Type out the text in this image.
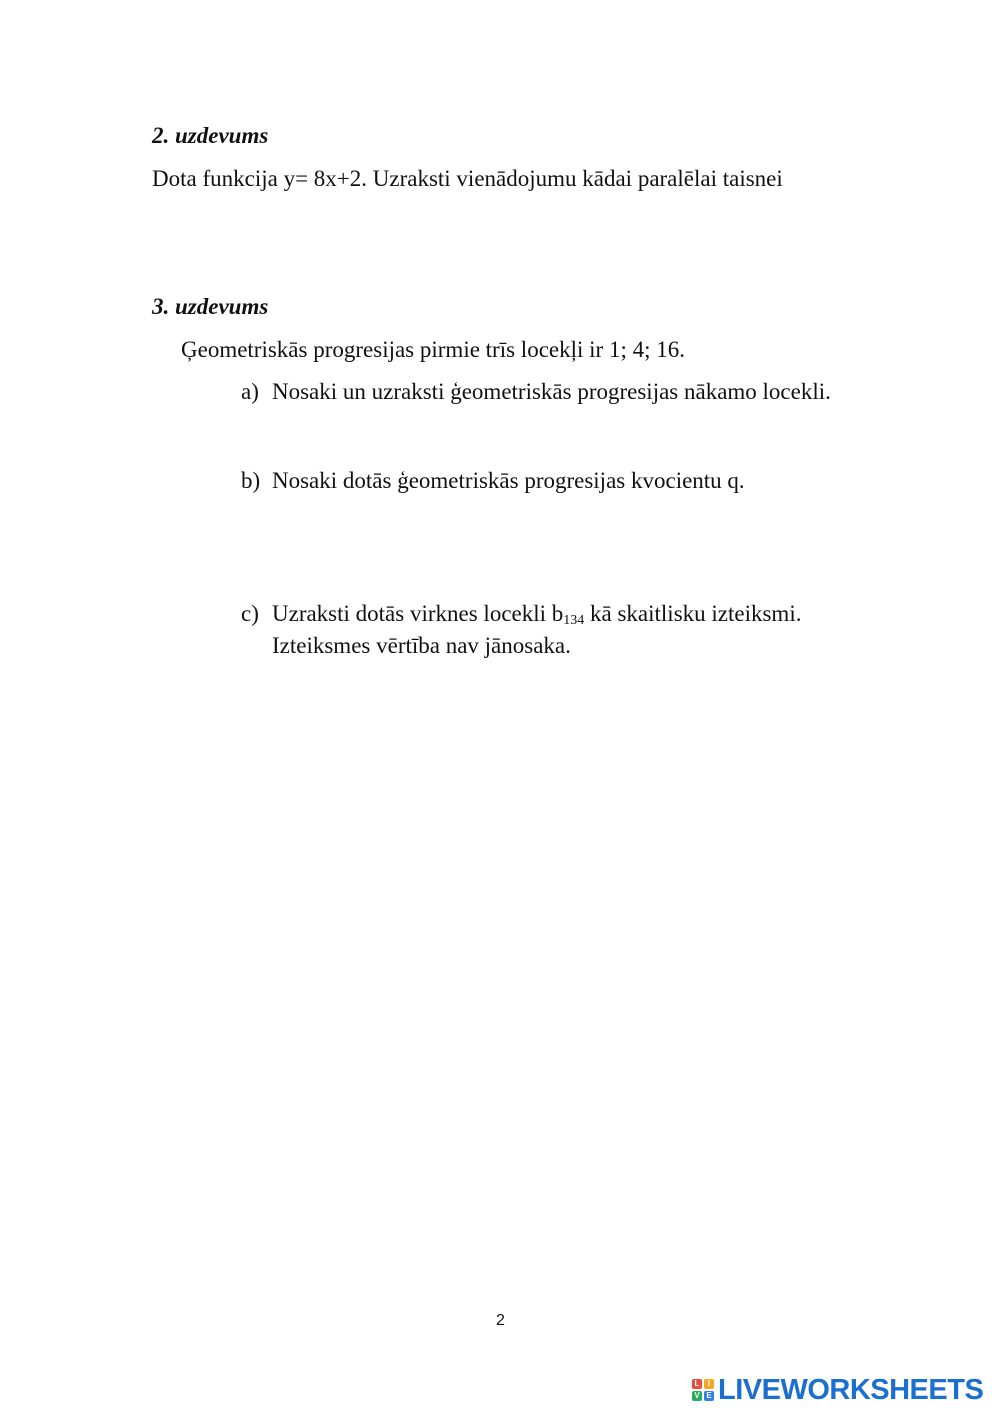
2. uzdevums
Dota funkcija y= 8x+2. Uzraksti vienādojumu kādai paralēlai taisnei
3. uzdevums
Ģeometriskās progresijas pirmie trīs locekļi ir 1; 4; 16.
a) Nosaki un uzraksti ģeometriskās progresijas nākamo locekli.
b) Nosaki dotās ģeometriskās progresijas kvocientu q.
c) Uzraksti dotās virknes locekli $b_{134}$ kā skaitlisku izteiksmi.
Izteiksmes vērtība nav jānosaka.
2
L	I
V E LIVEWORKSHEETS
